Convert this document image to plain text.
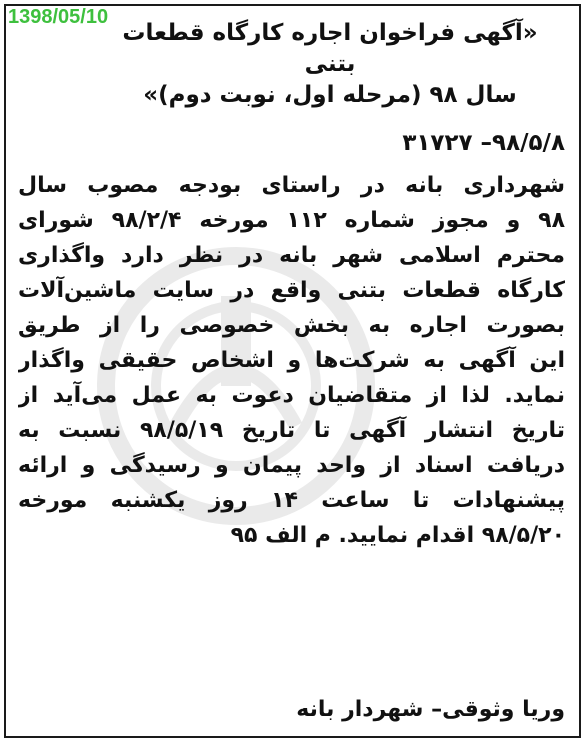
«آگهی فراخوان اجاره کارگاه قطعات بتنی
سال ۹۸ (مرحله اول، نوبت دوم)»
۹۸/۵/۸– ۳۱۷۲۷
شهرداری بانه در راستای بودجه مصوب سال
۹۸ و مجوز شماره ۱۱۲ مورخه ۹۸/۲/۴ شورای
محترم اسلامی شهر بانه در نظر دارد واگذاری
کارگاه قطعات بتنی واقع در سایت ماشین‌آلات
بصورت اجاره به بخش خصوصی را از طریق
این آگهی به شرکت‌ها و اشخاص حقیقی واگذار
نماید. لذا از متقاضیان دعوت به عمل می‌آید از
تاریخ انتشار آگهی تا تاریخ ۹۸/۵/۱۹ نسبت به
دریافت اسناد از واحد پیمان و رسیدگی و ارائه
پیشنهادات تا ساعت ۱۴ روز یکشنبه مورخه
۹۸/۵/۲۰ اقدام نمایید. م الف ۹۵
وریا وثوقی– شهردار بانه
1398/05/10
